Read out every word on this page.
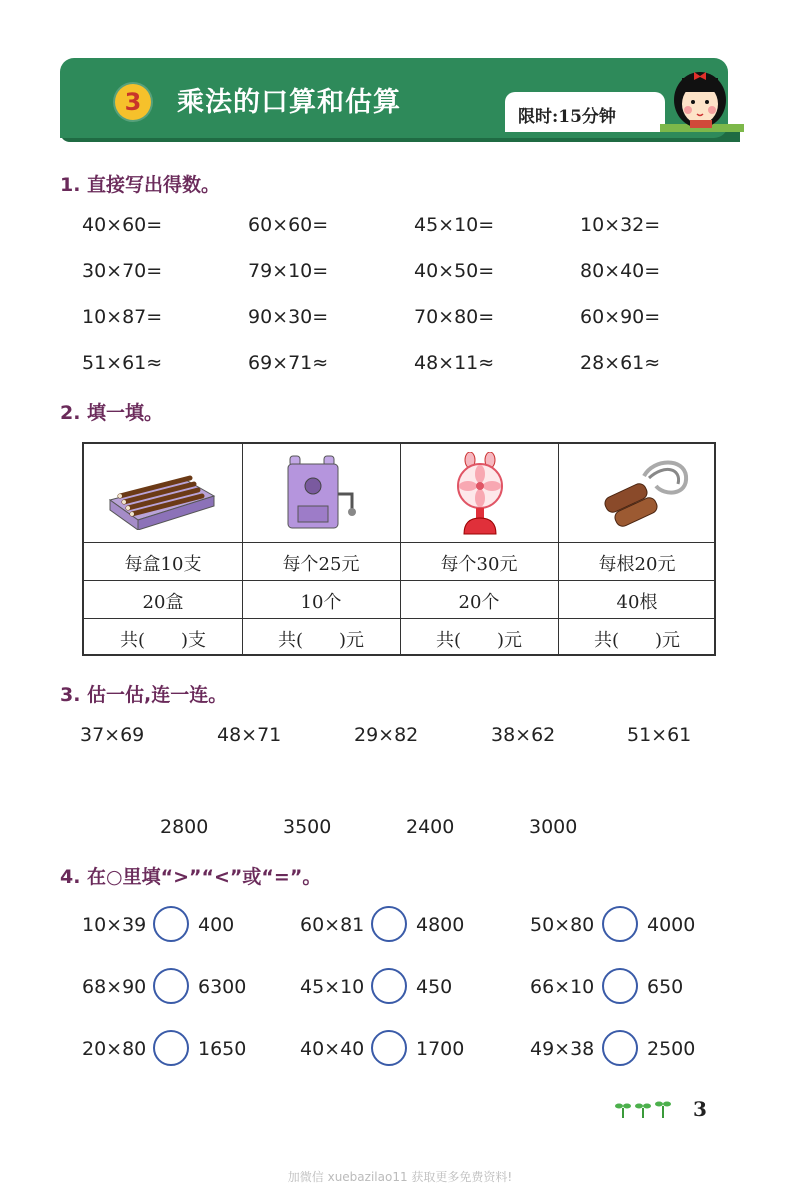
3	乘法的口算和估算	限时:15分钟
1. 直接写出得数。
40×60=	60×60=	45×10=	10×32=
30×70=	79×10=	40×50=	80×40=
10×87=	90×30=	70×80=	60×90=
51×61≈	69×71≈	48×11≈	28×61≈
2. 填一填。
每盒10支	每个25元	每个30元	每根20元
20盒	10个	20个	40根
共(　　)支	共(　　)元	共(　　)元	共(　　)元
3. 估一估,连一连。
37×69	48×71	29×82	38×62	51×61
2800	3500	2400	3000
4. 在○里填“>”“<”或“=”。
10×39	400	60×81	4800	50×80	4000
68×90	6300	45×10	450	66×10	650
20×80	1650	40×40	1700	49×38	2500
3
加微信 xuebazilao11 获取更多免费资料!
